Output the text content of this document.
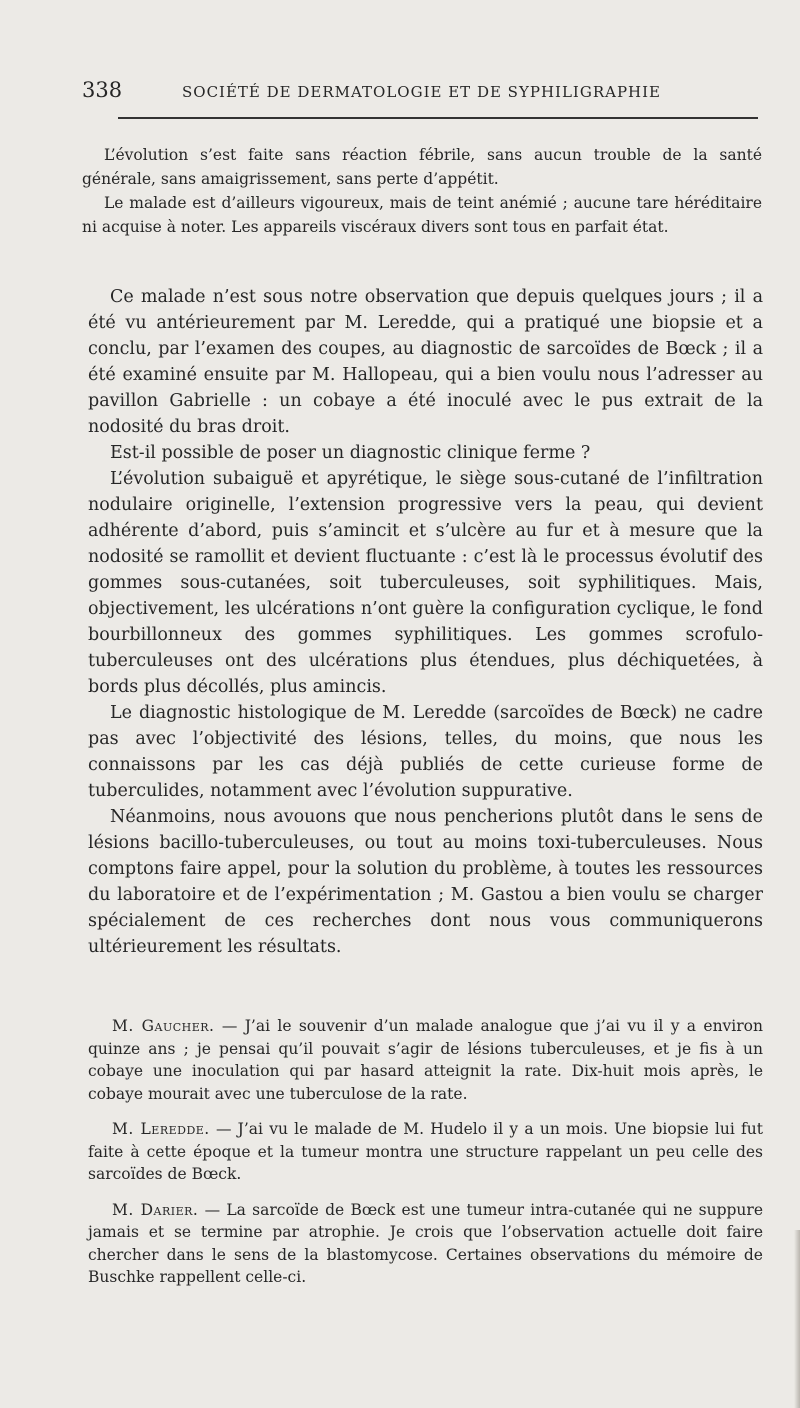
338	SOCIÉTÉ DE DERMATOLOGIE ET DE SYPHILIGRAPHIE

L’évolution s’est faite sans réaction fébrile, sans aucun trouble de la santé générale, sans amaigrissement, sans perte d’appétit.

Le malade est d’ailleurs vigoureux, mais de teint anémié ; aucune tare héréditaire ni acquise à noter. Les appareils viscéraux divers sont tous en parfait état.

Ce malade n’est sous notre observation que depuis quelques jours ; il a été vu antérieurement par M. Leredde, qui a pratiqué une biopsie et a conclu, par l’examen des coupes, au diagnostic de sarcoïdes de Bœck ; il a été examiné ensuite par M. Hallopeau, qui a bien voulu nous l’adresser au pavillon Gabrielle : un cobaye a été inoculé avec le pus extrait de la nodosité du bras droit.

Est-il possible de poser un diagnostic clinique ferme ?

L’évolution subaiguë et apyrétique, le siège sous-cutané de l’infiltration nodulaire originelle, l’extension progressive vers la peau, qui devient adhérente d’abord, puis s’amincit et s’ulcère au fur et à mesure que la nodosité se ramollit et devient fluctuante : c’est là le processus évolutif des gommes sous-cutanées, soit tuberculeuses, soit syphilitiques. Mais, objectivement, les ulcérations n’ont guère la configuration cyclique, le fond bourbillonneux des gommes syphilitiques. Les gommes scrofulo-tuberculeuses ont des ulcérations plus étendues, plus déchiquetées, à bords plus décollés, plus amincis.

Le diagnostic histologique de M. Leredde (sarcoïdes de Bœck) ne cadre pas avec l’objectivité des lésions, telles, du moins, que nous les connaissons par les cas déjà publiés de cette curieuse forme de tuberculides, notamment avec l’évolution suppurative.

Néanmoins, nous avouons que nous pencherions plutôt dans le sens de lésions bacillo-tuberculeuses, ou tout au moins toxi-tuberculeuses. Nous comptons faire appel, pour la solution du problème, à toutes les ressources du laboratoire et de l’expérimentation ; M. Gastou a bien voulu se charger spécialement de ces recherches dont nous vous communiquerons ultérieurement les résultats.

M. Gaucher. — J’ai le souvenir d’un malade analogue que j’ai vu il y a environ quinze ans ; je pensai qu’il pouvait s’agir de lésions tuberculeuses, et je fis à un cobaye une inoculation qui par hasard atteignit la rate. Dix-huit mois après, le cobaye mourait avec une tuberculose de la rate.

M. Leredde. — J’ai vu le malade de M. Hudelo il y a un mois. Une biopsie lui fut faite à cette époque et la tumeur montra une structure rappelant un peu celle des sarcoïdes de Bœck.

M. Darier. — La sarcoïde de Bœck est une tumeur intra-cutanée qui ne suppure jamais et se termine par atrophie. Je crois que l’observation actuelle doit faire chercher dans le sens de la blastomycose. Certaines observations du mémoire de Buschke rappellent celle-ci.
